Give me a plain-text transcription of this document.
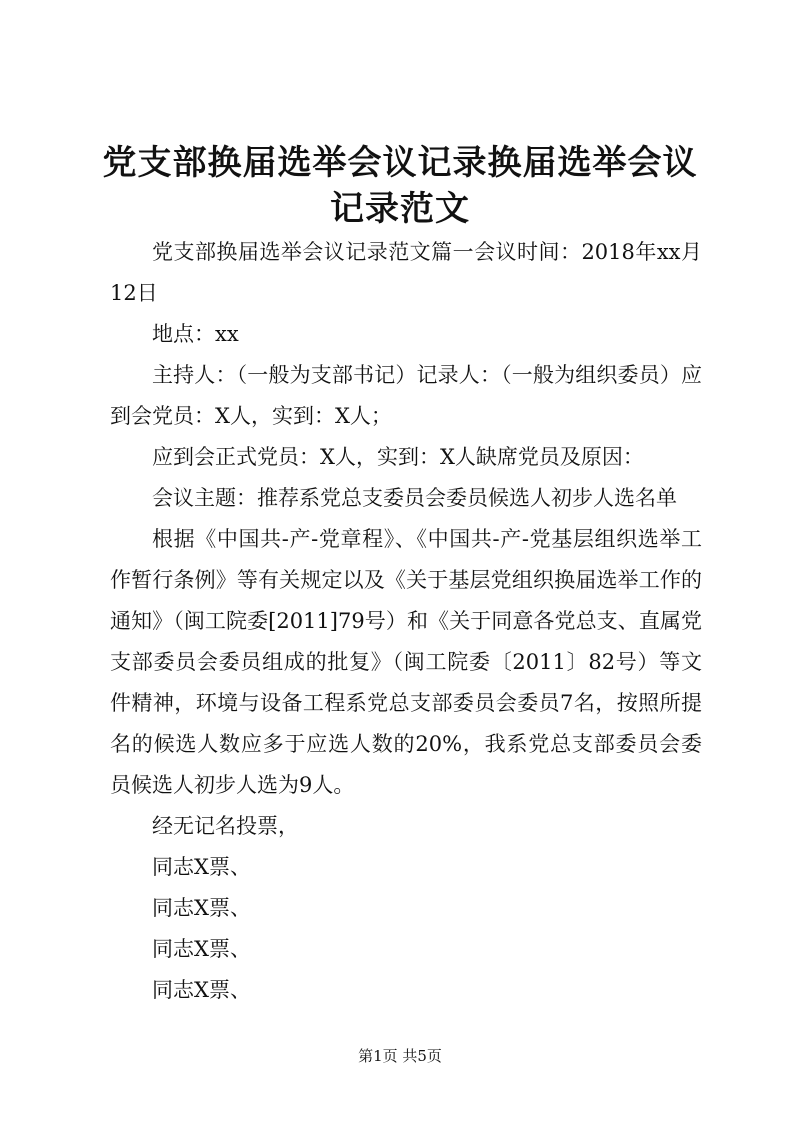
党支部换届选举会议记录换届选举会议记录范文

党支部换届选举会议记录范文篇一会议时间：2018年xx月12日

地点：xx

主持人：（一般为支部书记）记录人：（一般为组织委员）应到会党员：X人，实到：X人；

应到会正式党员：X人，实到：X人缺席党员及原因：

会议主题：推荐系党总支委员会委员候选人初步人选名单

根据《中国共-产-党章程》、《中国共-产-党基层组织选举工作暂行条例》等有关规定以及《关于基层党组织换届选举工作的通知》（闽工院委[2011]79号）和《关于同意各党总支、直属党支部委员会委员组成的批复》（闽工院委〔2011〕82号）等文件精神，环境与设备工程系党总支部委员会委员7名，按照所提名的候选人数应多于应选人数的20%，我系党总支部委员会委员候选人初步人选为9人。

经无记名投票，

同志X票、

同志X票、

同志X票、

同志X票、

第1页 共5页
